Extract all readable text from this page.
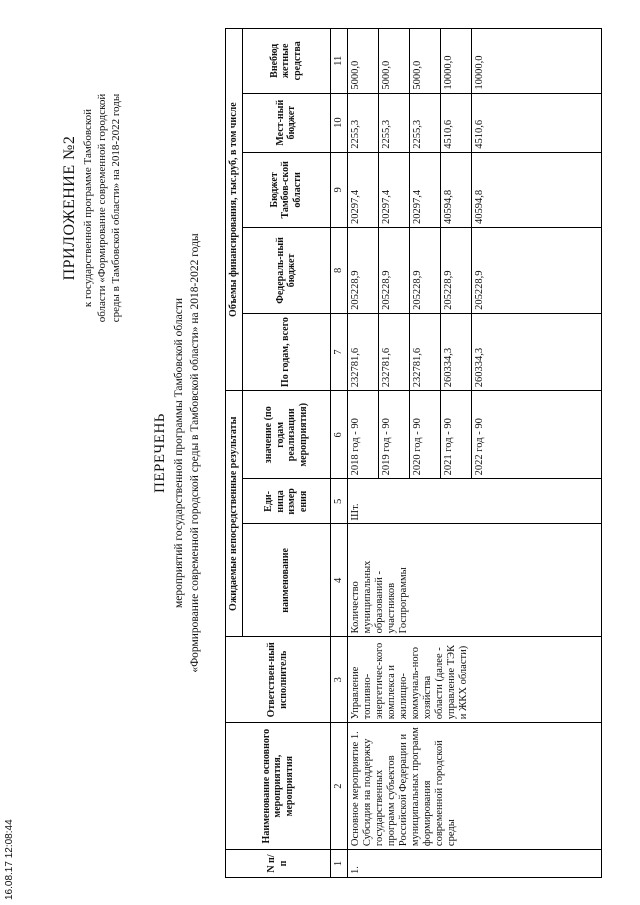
ПРИЛОЖЕНИЕ №2 к государственной программе Тамбовской области «Формирование современной городской среды в Тамбовской области» на 2018-2022 годы
ПЕРЕЧЕНЬ мероприятий государственной программы Тамбовской области «Формирование современной городской среды в Тамбовской области» на 2018-2022 годы
N п/п	Наименование основного мероприятия, мероприятия	Ответствен-ный исполнитель	Ожидаемые непосредственные результаты			Объемы финансирования, тыс.руб, в том числе				
			наименование	Еди-ница измер ения	значение (по годам реализации мероприятия)	По годам, всего	Федераль-ный бюджет	Бюджет Тамбов-ской области	Мест-ный бюджет	Внебюд жетные средства
1	2	3	4	5	6	7	8	9	10	11
1.	Основное мероприятие 1. Субсидия на поддержку государственных программ субъектов Российской Федерации и муниципальных программ формирования современной городской среды	Управление топливно-энергетичес-кого комплекса и жилищно-коммуналь-ного хозяйства области (далее - управление ТЭК и ЖКХ области)	Количество муниципальных образований - участников Госпрограммы	Шт.	2018 год - 90	232781,6	205228,9	20297,4	2255,3	5000,0
					2019 год - 90	232781,6	205228,9	20297,4	2255,3	5000,0
					2020 год - 90	232781,6	205228,9	20297,4	2255,3	5000,0
					2021 год - 90	260334,3	205228,9	40594,8	4510,6	10000,0
					2022 год - 90	260334,3	205228,9	40594,8	4510,6	10000,0
16.08.17 12:08:44
